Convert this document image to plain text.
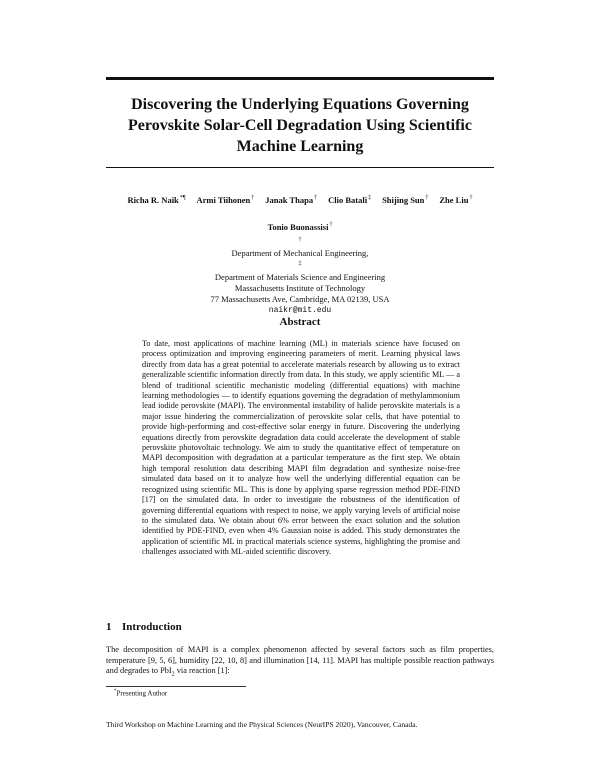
Discovering the Underlying Equations Governing
Perovskite Solar-Cell Degradation Using Scientific
Machine Learning
Richa R. Naik*¶ Armi Tiihonen† Janak Thapa† Clio Batali‡ Shijing Sun† Zhe Liu†
Tonio Buonassisi†
†
Department of Mechanical Engineering,
‡
Department of Materials Science and Engineering
Massachusetts Institute of Technology
77 Massachusetts Ave, Cambridge, MA 02139, USA
naikr@mit.edu
Abstract
To date, most applications of machine learning (ML) in materials science have focused on process optimization and improving engineering parameters of merit. Learning physical laws directly from data has a great potential to accelerate materials research by allowing us to extract generalizable scientific information directly from data. In this study, we apply scientific ML — a blend of traditional scientific mechanistic modeling (differential equations) with machine learning methodologies — to identify equations governing the degradation of methylammonium lead iodide perovskite (MAPI). The environmental instability of halide perovskite materials is a major issue hindering the commercialization of perovskite solar cells, that have potential to provide high-performing and cost-effective solar energy in future. Discovering the underlying equations directly from perovskite degradation data could accelerate the development of stable perovskite photovoltaic technology. We aim to study the quantitative effect of temperature on MAPI decomposition with degradation at a particular temperature as the first step. We obtain high temporal resolution data describing MAPI film degradation and synthesize noise-free simulated data based on it to analyze how well the underlying differential equation can be recognized using scientific ML. This is done by applying sparse regression method PDE-FIND [17] on the simulated data. In order to investigate the robustness of the identification of governing differential equations with respect to noise, we apply varying levels of artificial noise to the simulated data. We obtain about 6% error between the exact solution and the solution identified by PDE-FIND, even when 4% Gaussian noise is added. This study demonstrates the application of scientific ML in practical materials science systems, highlighting the promise and challenges associated with ML-aided scientific discovery.
1 Introduction
The decomposition of MAPI is a complex phenomenon affected by several factors such as film properties, temperature [9, 5, 6], humidity [22, 10, 8] and illumination [14, 11]. MAPI has multiple possible reaction pathways and degrades to PbI$_2$ via reaction [1]:
*Presenting Author
Third Workshop on Machine Learning and the Physical Sciences (NeurIPS 2020), Vancouver, Canada.
